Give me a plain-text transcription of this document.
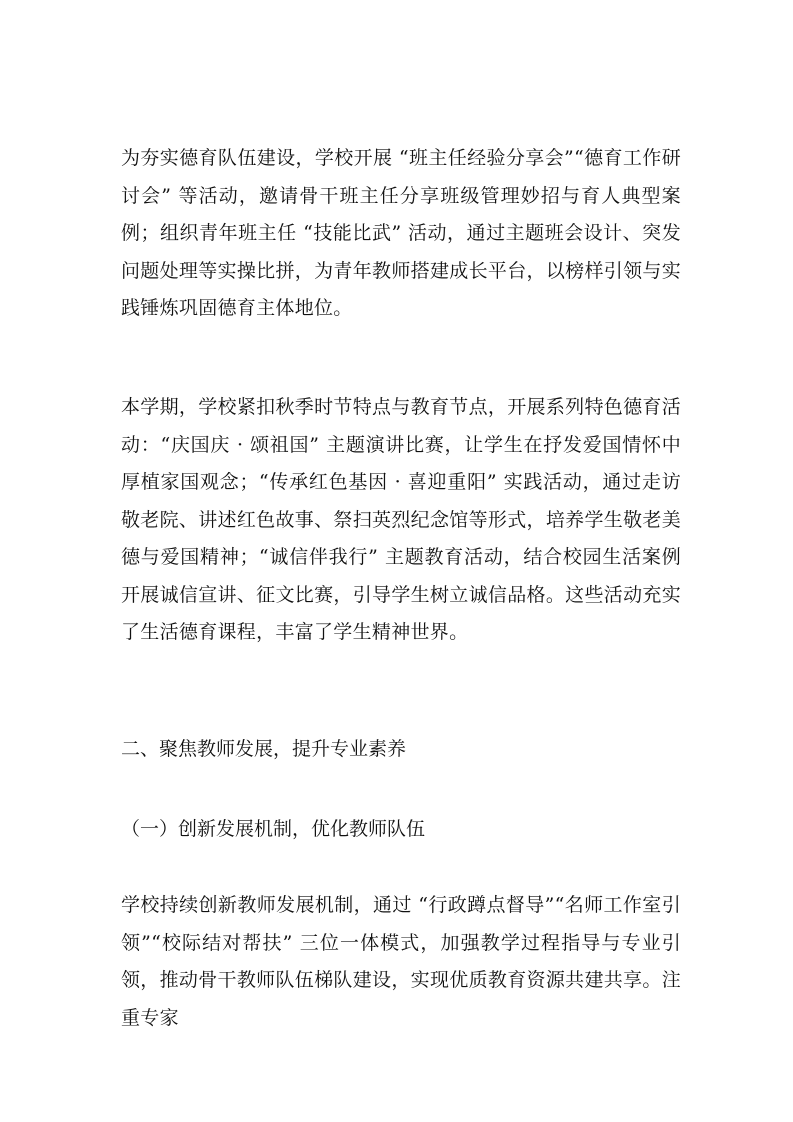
为夯实德育队伍建设，学校开展 “班主任经验分享会”“德育工作研讨会” 等活动，邀请骨干班主任分享班级管理妙招与育人典型案例；组织青年班主任 “技能比武” 活动，通过主题班会设计、突发问题处理等实操比拼，为青年教师搭建成长平台，以榜样引领与实践锤炼巩固德育主体地位。

本学期，学校紧扣秋季时节特点与教育节点，开展系列特色德育活动：“庆国庆 · 颂祖国” 主题演讲比赛，让学生在抒发爱国情怀中厚植家国观念；“传承红色基因 · 喜迎重阳” 实践活动，通过走访敬老院、讲述红色故事、祭扫英烈纪念馆等形式，培养学生敬老美德与爱国精神；“诚信伴我行” 主题教育活动，结合校园生活案例开展诚信宣讲、征文比赛，引导学生树立诚信品格。这些活动充实了生活德育课程，丰富了学生精神世界。

二、聚焦教师发展，提升专业素养
（一）创新发展机制，优化教师队伍

学校持续创新教师发展机制，通过 “行政蹲点督导”“名师工作室引领”“校际结对帮扶” 三位一体模式，加强教学过程指导与专业引领，推动骨干教师队伍梯队建设，实现优质教育资源共建共享。注重专家
